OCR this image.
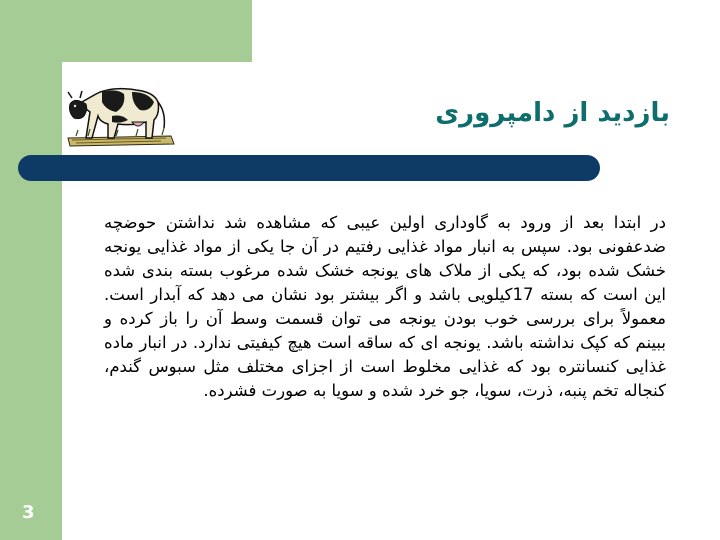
بازدید از دامپروری

در ابتدا بعد از ورود به گاوداری اولین عیبی که مشاهده شد نداشتن حوضچه ضدعفونی بود. سپس به انبار مواد غذایی رفتیم در آن جا یکی از مواد غذایی یونجه خشک شده بود، که یکی از ملاک های یونجه خشک شده مرغوب بسته بندی شده این است که بسته 17کیلویی باشد و اگر بیشتر بود نشان می دهد که آبدار است. معمولاً برای بررسی خوب بودن یونجه می توان قسمت وسط آن را باز کرده و ببینم که کپک نداشته باشد. یونجه ای که ساقه است هیچ کیفیتی ندارد. در انبار ماده غذایی کنسانتره بود که غذایی مخلوط است از اجزای مختلف مثل سبوس گندم، کنجاله تخم پنبه، ذرت، سویا، جو خرد شده و سویا به صورت فشرده.

3
